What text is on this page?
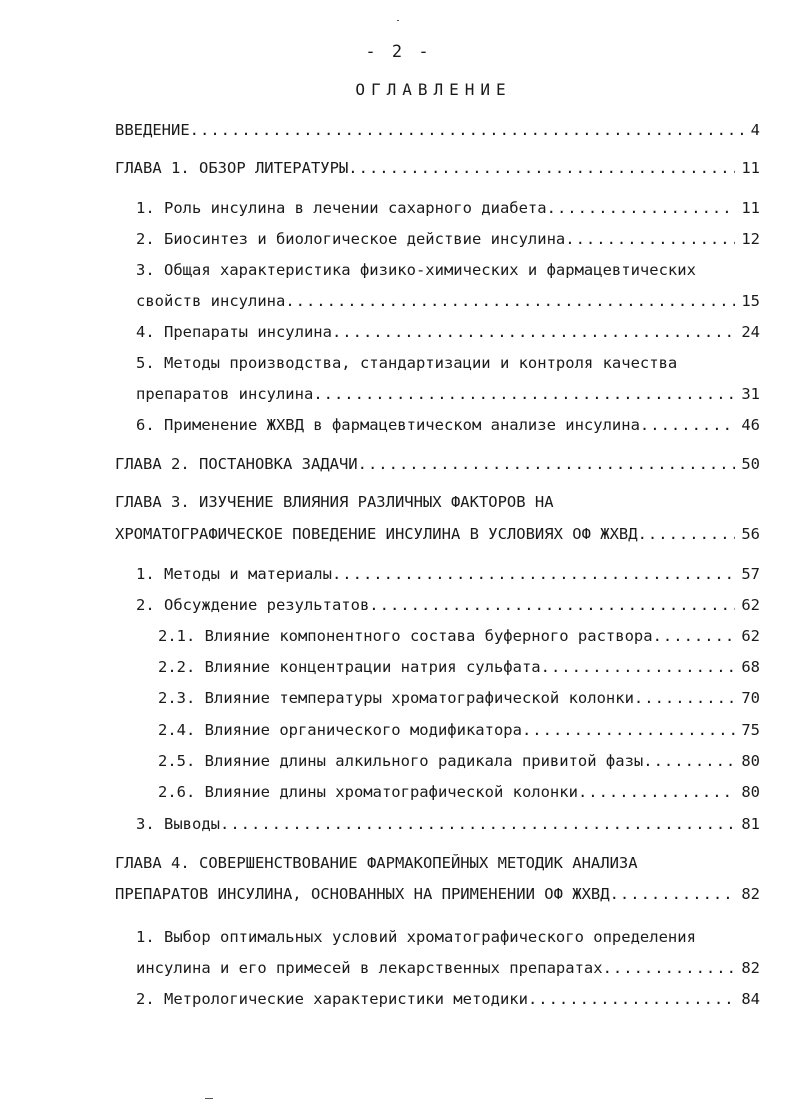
- 2 -
ОГЛАВЛЕНИЕ
ВВЕДЕНИЕ .....	4
ГЛАВА 1. ОБЗОР ЛИТЕРАТУРЫ .....	11
1. Роль инсулина в лечении сахарного диабета .....	11
2. Биосинтез и биологическое действие инсулина .....	12
3. Общая характеристика физико-химических и фармацевтических
свойств инсулина .....	15
4. Препараты инсулина .....	24
5. Методы производства, стандартизации и контроля качества
препаратов инсулина .....	31
6. Применение ЖХВД в фармацевтическом анализе инсулина .....	46
ГЛАВА 2. ПОСТАНОВКА ЗАДАЧИ .....	50
ГЛАВА 3. ИЗУЧЕНИЕ ВЛИЯНИЯ РАЗЛИЧНЫХ ФАКТОРОВ НА
ХРОМАТОГРАФИЧЕСКОЕ ПОВЕДЕНИЕ ИНСУЛИНА В УСЛОВИЯХ ОФ ЖХВД .....	56
1. Методы и материалы .....	57
2. Обсуждение результатов .....	62
2.1. Влияние компонентного состава буферного раствора .....	62
2.2. Влияние концентрации натрия сульфата .....	68
2.3. Влияние температуры хроматографической колонки .....	70
2.4. Влияние органического модификатора .....	75
2.5. Влияние длины алкильного радикала привитой фазы .....	80
2.6. Влияние длины хроматографической колонки .....	80
3. Выводы .....	81
ГЛАВА 4. СОВЕРШЕНСТВОВАНИЕ ФАРМАКОПЕЙНЫХ МЕТОДИК АНАЛИЗА
ПРЕПАРАТОВ ИНСУЛИНА, ОСНОВАННЫХ НА ПРИМЕНЕНИИ ОФ ЖХВД .....	82
1. Выбор оптимальных условий хроматографического определения
инсулина и его примесей в лекарственных препаратах .....	82
2. Метрологические характеристики методики .....	84
